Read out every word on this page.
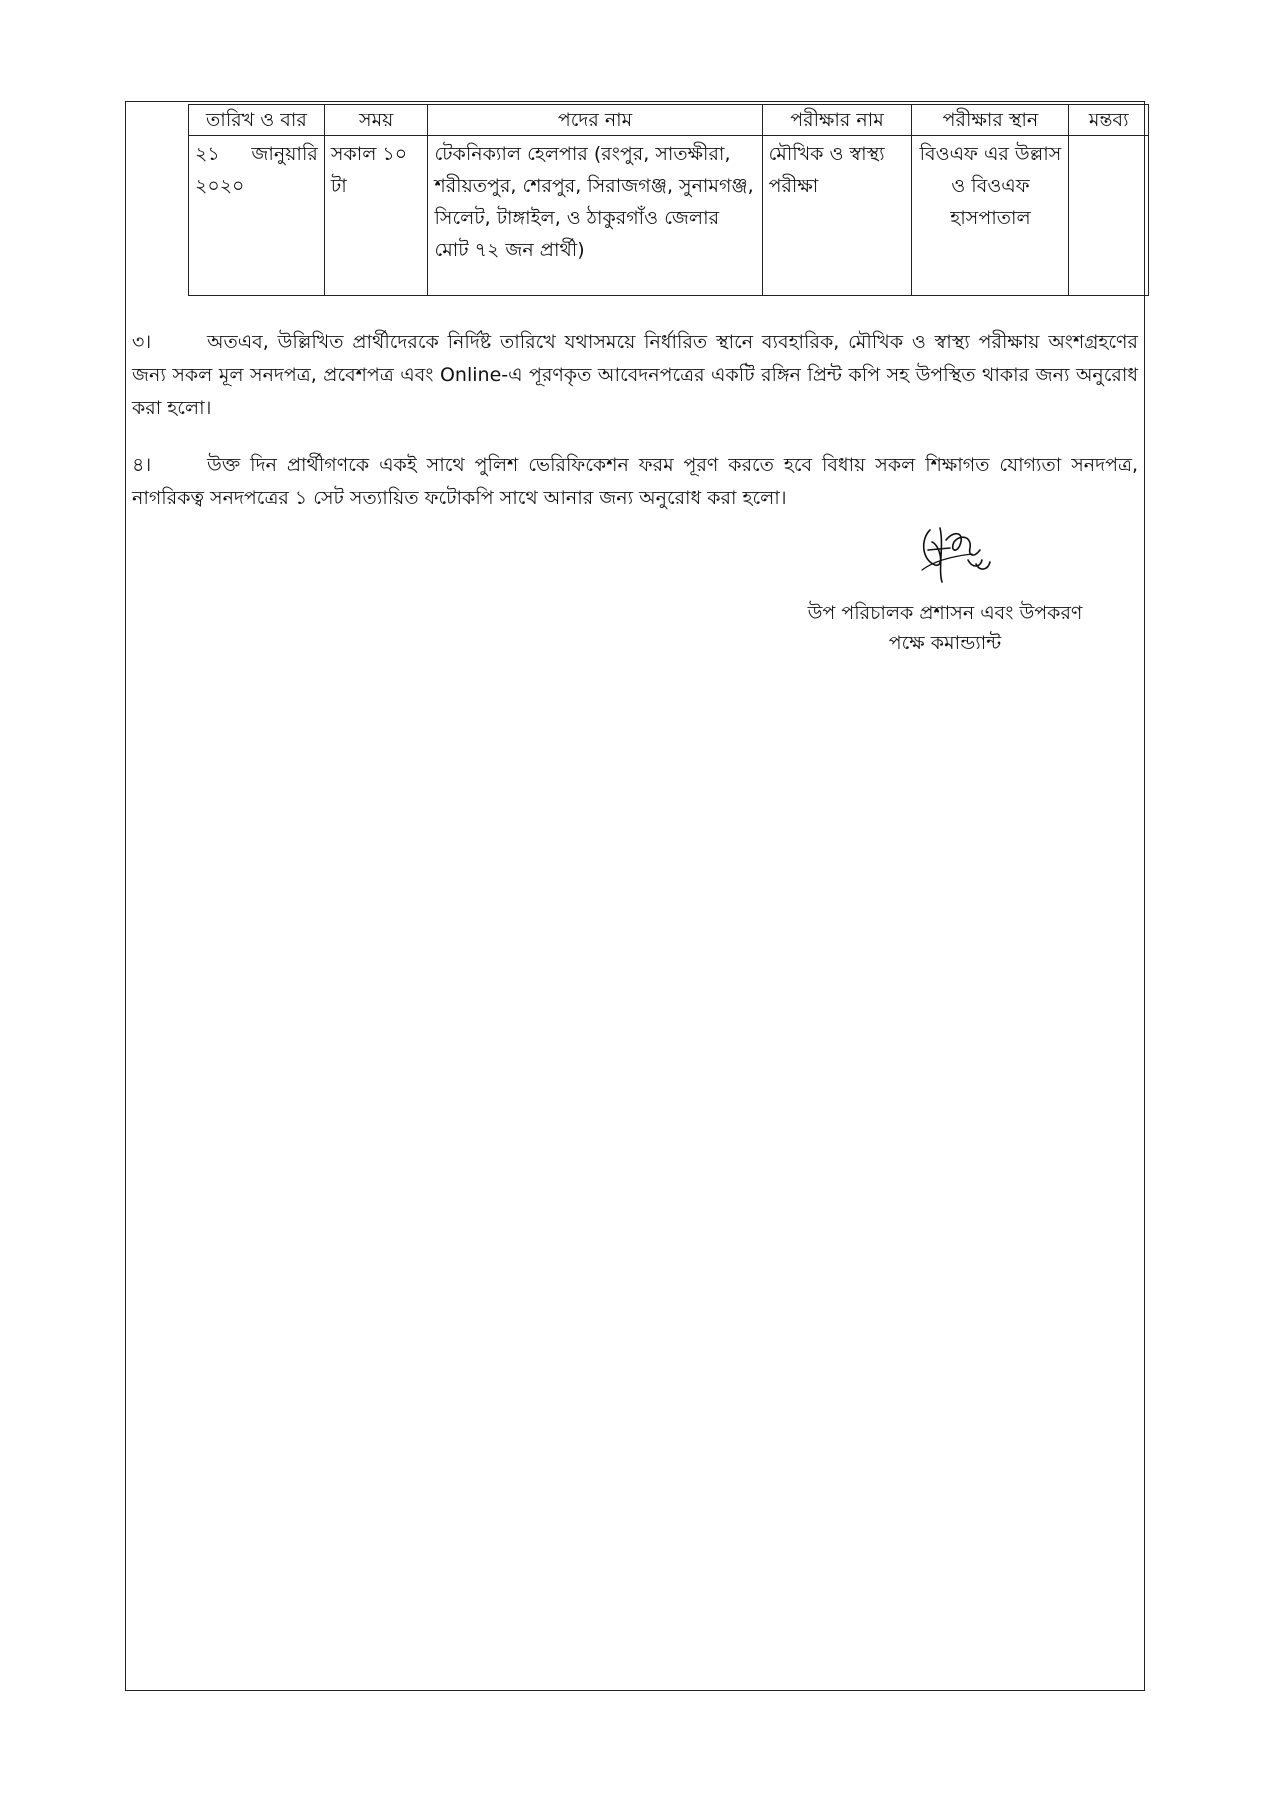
তারিখ ও বার	সময়	পদের নাম	পরীক্ষার নাম	পরীক্ষার স্থান	মন্তব্য
২১ জানুয়ারি ২০২০	সকাল ১০ টা	টেকনিক্যাল হেলপার (রংপুর, সাতক্ষীরা, শরীয়তপুর, শেরপুর, সিরাজগঞ্জ, সুনামগঞ্জ, সিলেট, টাঙ্গাইল, ও ঠাকুরগাঁও জেলার মোট ৭২ জন প্রার্থী)	মৌখিক ও স্বাস্থ্য পরীক্ষা	বিওএফ এর উল্লাস ও বিওএফ হাসপাতাল	
৩।	অতএব, উল্লিখিত প্রার্থীদেরকে নির্দিষ্ট তারিখে যথাসময়ে নির্ধারিত স্থানে ব্যবহারিক, মৌখিক ও স্বাস্থ্য পরীক্ষায় অংশগ্রহণের জন্য সকল মূল সনদপত্র, প্রবেশপত্র এবং Online-এ পূরণকৃত আবেদনপত্রের একটি রঙ্গিন প্রিন্ট কপি সহ উপস্থিত থাকার জন্য অনুরোধ করা হলো।
৪।	উক্ত দিন প্রার্থীগণকে একই সাথে পুলিশ ভেরিফিকেশন ফরম পূরণ করতে হবে বিধায় সকল শিক্ষাগত যোগ্যতা সনদপত্র, নাগরিকত্ব সনদপত্রের ১ সেট সত্যায়িত ফটোকপি সাথে আনার জন্য অনুরোধ করা হলো।
উপ পরিচালক প্রশাসন এবং উপকরণ
পক্ষে কমান্ড্যান্ট
